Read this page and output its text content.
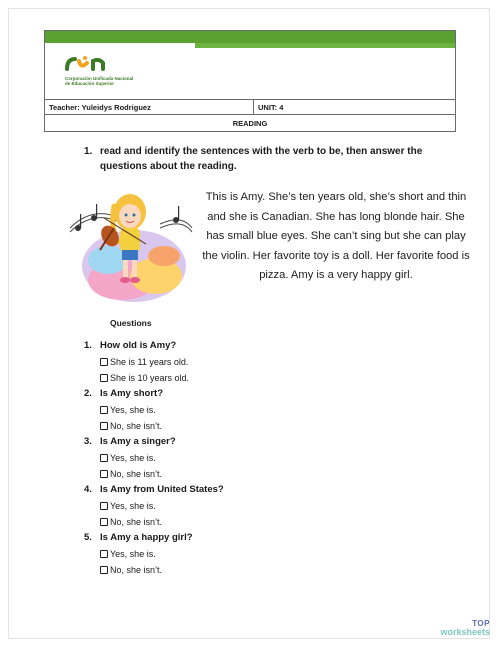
Corporación Unificada Nacional de Educación Superior
Teacher: Yuleidys Rodriguez	UNIT: 4
READING
1. read and identify the sentences with the verb to be, then answer the questions about the reading.
This is Amy. She’s ten years old, she’s short and thin and she is Canadian. She has long blonde hair. She has small blue eyes. She can’t sing but she can play the violin. Her favorite toy is a doll. Her favorite food is pizza. Amy is a very happy girl.
Questions
1. How old is Amy?
She is 11 years old.
She is 10 years old.
2. Is Amy short?
Yes, she is.
No, she isn’t.
3. Is Amy a singer?
Yes, she is.
No, she isn’t.
4. Is Amy from United States?
Yes, she is.
No, she isn’t.
5. Is Amy a happy girl?
Yes, she is.
No, she isn’t.
TOP
worksheets
